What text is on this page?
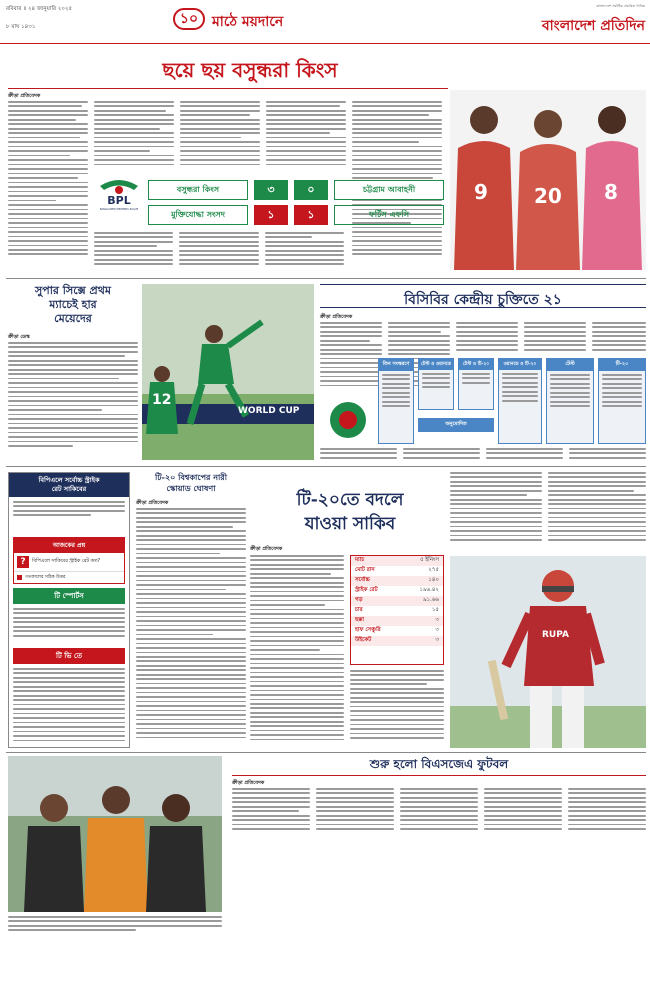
রবিবার ॥ ২৪ জানুয়ারি ২০২৫
৮ মাঘ ১৪৩১	১০ মাঠে ময়দানে
বাংলাদেশে সর্বাধিক প্রচারিত দৈনিক
বাংলাদেশ প্রতিদিন
ছয়ে ছয় বসুন্ধরা কিংস
ক্রীড়া প্রতিবেদক
BPL
BANGLADESH PREMIER LEAGUE
বসুন্ধরা কিংস	৩	০	চট্টগ্রাম আবাহনী
মুক্তিযোদ্ধা সংসদ	১	১	ফর্টিস এফসি
9 20 8
সুপার সিক্সে প্রথম
ম্যাচেই হার
মেয়েদের
ক্রীড়া ডেস্ক
12
WORLD CUP
বিসিবির কেন্দ্রীয় চুক্তিতে ২১
ক্রীড়া প্রতিবেদক
তিন সংস্করণে	টেস্ট ও ওয়ানডে	টেস্ট ও টি-২০	ওয়ানডে ও টি-২০	টেস্ট	টি-২০
অনুমোদিত
বিপিএলে সর্বোচ্চ স্ট্রাইক
রেট সাকিবের
আজকের প্রশ্ন
?	বিপিএলে সাকিবের স্ট্রাইক রেট কত?
গতকালের সঠিক উত্তর
টি স্পোর্টস
টি ভি তে
টি-২০ বিশ্বকাপের নারী
স্কোয়াড ঘোষণা
ক্রীড়া প্রতিবেদক	টি-২০তে বদলে
যাওয়া সাকিব
ক্রীড়া প্রতিবেদক
ম্যাচ	৫ ইনিংস
মোট রান	২৭৫
সর্বোচ্চ	১৪০
স্ট্রাইক রেট	১৯৬.৪২
গড়	৯১.৬৬
চার	১৫
ছক্কা	৩
হাফ সেঞ্চুরি	৩
উইকেট	৩	RUPA
শুরু হলো বিএসজেএ ফুটবল
ক্রীড়া প্রতিবেদক
